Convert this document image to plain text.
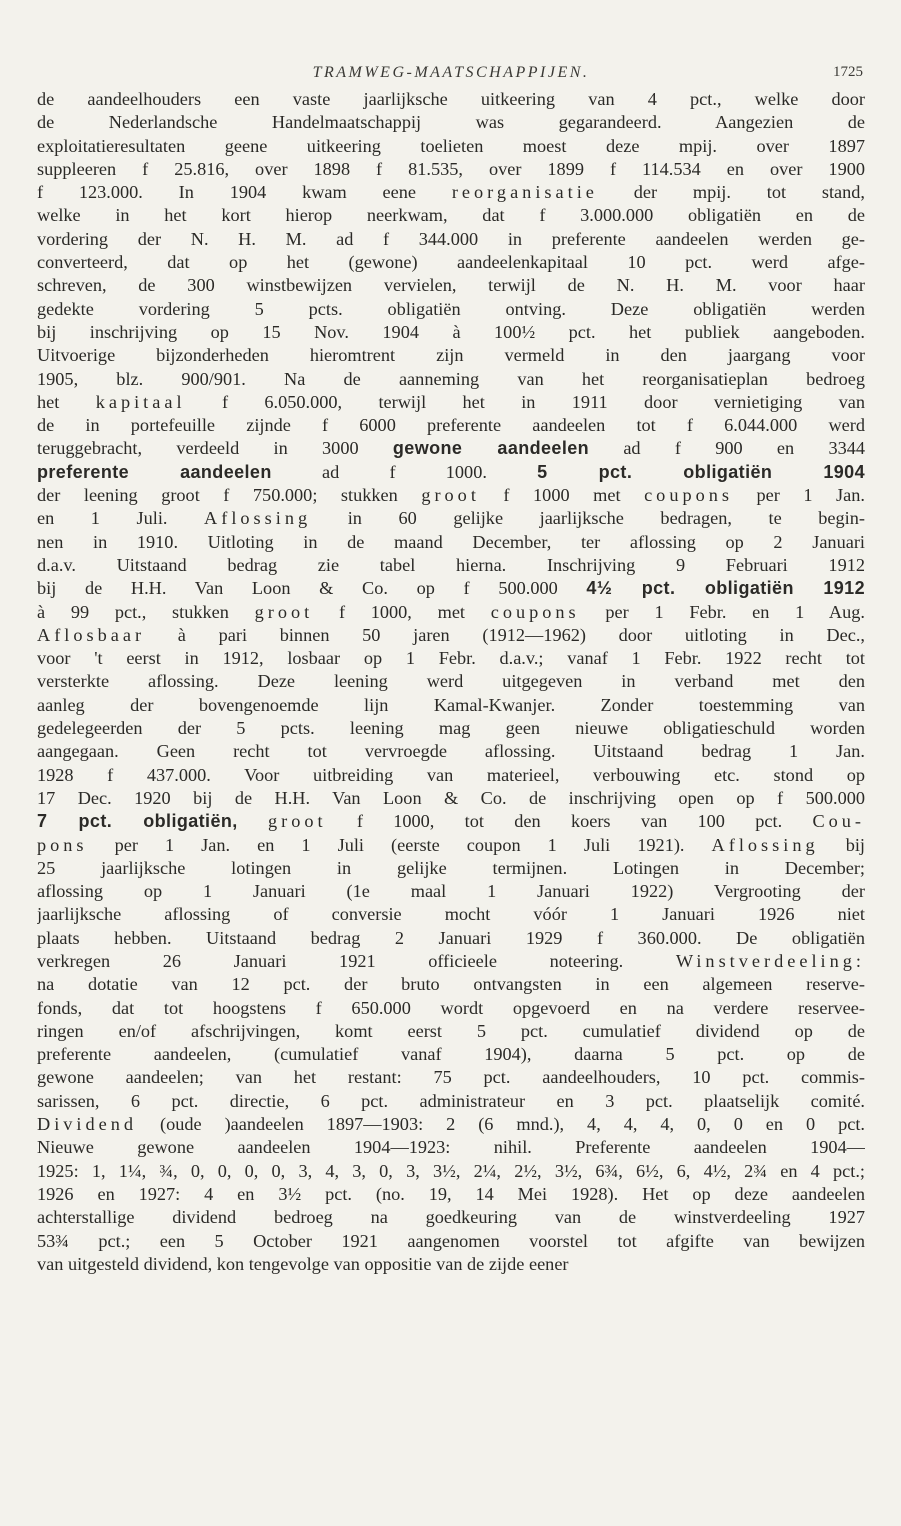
TRAMWEG-MAATSCHAPPIJEN.	1725
de aandeelhouders een vaste jaarlijksche uitkeering van 4 pct., welke door
de Nederlandsche Handelmaatschappij was gegarandeerd. Aangezien de
exploitatieresultaten geene uitkeering toelieten moest deze mpij. over 1897
suppleeren f 25.816, over 1898 f 81.535, over 1899 f 114.534 en over 1900
f 123.000. In 1904 kwam eene reorganisatie der mpij. tot stand,
welke in het kort hierop neerkwam, dat f 3.000.000 obligatiën en de
vordering der N. H. M. ad f 344.000 in preferente aandeelen werden ge-
converteerd, dat op het (gewone) aandeelenkapitaal 10 pct. werd afge-
schreven, de 300 winstbewijzen vervielen, terwijl de N. H. M. voor haar
gedekte vordering 5 pcts. obligatiën ontving. Deze obligatiën werden
bij inschrijving op 15 Nov. 1904 à 100½ pct. het publiek aangeboden.
Uitvoerige bijzonderheden hieromtrent zijn vermeld in den jaargang voor
1905, blz. 900/901. Na de aanneming van het reorganisatieplan bedroeg
het kapitaal f 6.050.000, terwijl het in 1911 door vernietiging van
de in portefeuille zijnde f 6000 preferente aandeelen tot f 6.044.000 werd
teruggebracht, verdeeld in 3000 gewone aandeelen ad f 900 en 3344
preferente aandeelen ad f 1000. 5 pct. obligatiën 1904
der leening groot f 750.000; stukken groot f 1000 met coupons per 1 Jan.
en 1 Juli. Aflossing in 60 gelijke jaarlijksche bedragen, te begin-
nen in 1910. Uitloting in de maand December, ter aflossing op 2 Januari
d.a.v. Uitstaand bedrag zie tabel hierna. Inschrijving 9 Februari 1912
bij de H.H. Van Loon & Co. op f 500.000 4½ pct. obligatiën 1912
à 99 pct., stukken groot f 1000, met coupons per 1 Febr. en 1 Aug.
Aflosbaar à pari binnen 50 jaren (1912—1962) door uitloting in Dec.,
voor 't eerst in 1912, losbaar op 1 Febr. d.a.v.; vanaf 1 Febr. 1922 recht tot
versterkte aflossing. Deze leening werd uitgegeven in verband met den
aanleg der bovengenoemde lijn Kamal-Kwanjer. Zonder toestemming van
gedelegeerden der 5 pcts. leening mag geen nieuwe obligatieschuld worden
aangegaan. Geen recht tot vervroegde aflossing. Uitstaand bedrag 1 Jan.
1928 f 437.000. Voor uitbreiding van materieel, verbouwing etc. stond op
17 Dec. 1920 bij de H.H. Van Loon & Co. de inschrijving open op f 500.000
7 pct. obligatiën, groot f 1000, tot den koers van 100 pct. Cou-
pons per 1 Jan. en 1 Juli (eerste coupon 1 Juli 1921). Aflossing bij
25 jaarlijksche lotingen in gelijke termijnen. Lotingen in December;
aflossing op 1 Januari (1e maal 1 Januari 1922) Vergrooting der
jaarlijksche aflossing of conversie mocht vóór 1 Januari 1926 niet
plaats hebben. Uitstaand bedrag 2 Januari 1929 f 360.000. De obligatiën
verkregen 26 Januari 1921 officieele noteering. Winstverdeeling:
na dotatie van 12 pct. der bruto ontvangsten in een algemeen reserve-
fonds, dat tot hoogstens f 650.000 wordt opgevoerd en na verdere reservee-
ringen en/of afschrijvingen, komt eerst 5 pct. cumulatief dividend op de
preferente aandeelen, (cumulatief vanaf 1904), daarna 5 pct. op de
gewone aandeelen; van het restant: 75 pct. aandeelhouders, 10 pct. commis-
sarissen, 6 pct. directie, 6 pct. administrateur en 3 pct. plaatselijk comité.
Dividend (oude )aandeelen 1897—1903: 2 (6 mnd.), 4, 4, 4, 0, 0 en 0 pct.
Nieuwe gewone aandeelen 1904—1923: nihil. Preferente aandeelen 1904—
1925: 1, 1¼, ¾, 0, 0, 0, 0, 3, 4, 3, 0, 3, 3½, 2¼, 2½, 3½, 6¾, 6½, 6, 4½, 2¾ en 4 pct.;
1926 en 1927: 4 en 3½ pct. (no. 19, 14 Mei 1928). Het op deze aandeelen
achterstallige dividend bedroeg na goedkeuring van de winstverdeeling 1927
53¾ pct.; een 5 October 1921 aangenomen voorstel tot afgifte van bewijzen
van uitgesteld dividend, kon tengevolge van oppositie van de zijde eener
